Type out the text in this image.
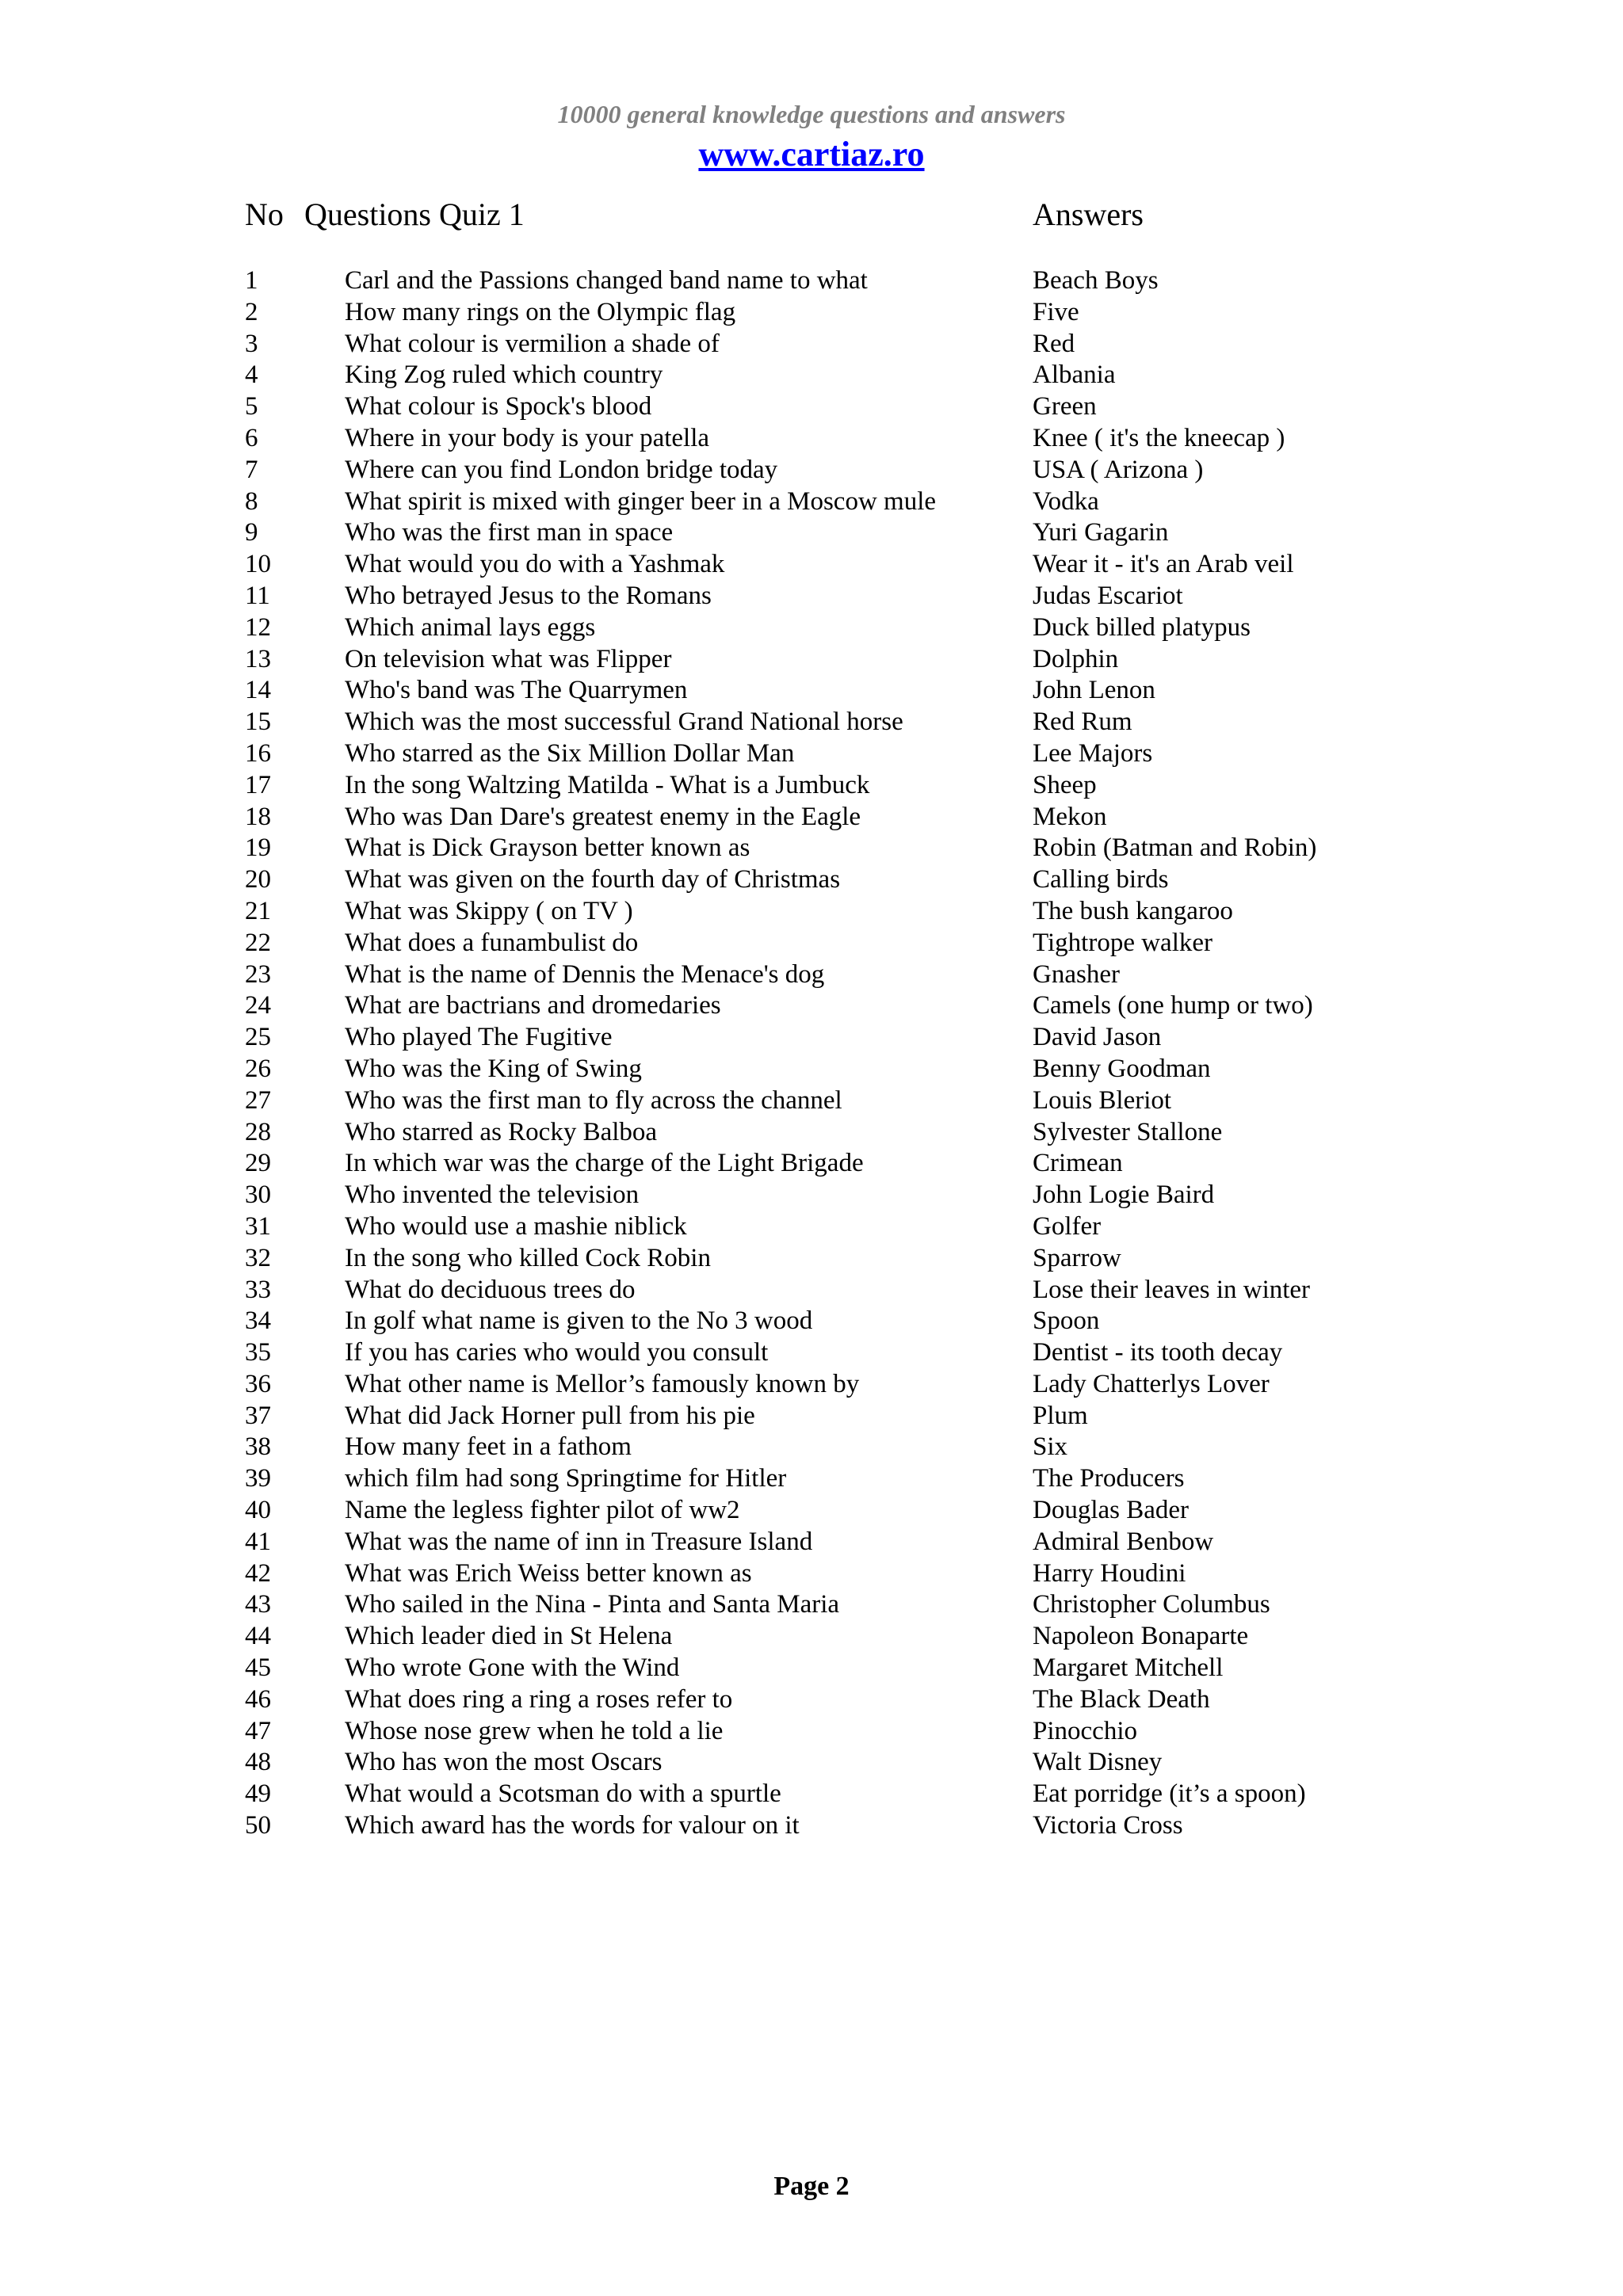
10000 general knowledge questions and answers
www.cartiaz.ro
No Questions Quiz 1	Answers
1	Carl and the Passions changed band name to what	Beach Boys
2	How many rings on the Olympic flag	Five
3	What colour is vermilion a shade of	Red
4	King Zog ruled which country	Albania
5	What colour is Spock's blood	Green
6	Where in your body is your patella	Knee ( it's the kneecap )
7	Where can you find London bridge today	USA ( Arizona )
8	What spirit is mixed with ginger beer in a Moscow mule	Vodka
9	Who was the first man in space	Yuri Gagarin
10	What would you do with a Yashmak	Wear it - it's an Arab veil
11	Who betrayed Jesus to the Romans	Judas Escariot
12	Which animal lays eggs	Duck billed platypus
13	On television what was Flipper	Dolphin
14	Who's band was The Quarrymen	John Lenon
15	Which was the most successful Grand National horse	Red Rum
16	Who starred as the Six Million Dollar Man	Lee Majors
17	In the song Waltzing Matilda - What is a Jumbuck	Sheep
18	Who was Dan Dare's greatest enemy in the Eagle	Mekon
19	What is Dick Grayson better known as	Robin (Batman and Robin)
20	What was given on the fourth day of Christmas	Calling birds
21	What was Skippy ( on TV )	The bush kangaroo
22	What does a funambulist do	Tightrope walker
23	What is the name of Dennis the Menace's dog	Gnasher
24	What are bactrians and dromedaries	Camels (one hump or two)
25	Who played The Fugitive	David Jason
26	Who was the King of Swing	Benny Goodman
27	Who was the first man to fly across the channel	Louis Bleriot
28	Who starred as Rocky Balboa	Sylvester Stallone
29	In which war was the charge of the Light Brigade	Crimean
30	Who invented the television	John Logie Baird
31	Who would use a mashie niblick	Golfer
32	In the song who killed Cock Robin	Sparrow
33	What do deciduous trees do	Lose their leaves in winter
34	In golf what name is given to the No 3 wood	Spoon
35	If you has caries who would you consult	Dentist - its tooth decay
36	What other name is Mellor’s famously known by	Lady Chatterlys Lover
37	What did Jack Horner pull from his pie	Plum
38	How many feet in a fathom	Six
39	which film had song Springtime for Hitler	The Producers
40	Name the legless fighter pilot of ww2	Douglas Bader
41	What was the name of inn in Treasure Island	Admiral Benbow
42	What was Erich Weiss better known as	Harry Houdini
43	Who sailed in the Nina - Pinta and Santa Maria	Christopher Columbus
44	Which leader died in St Helena	Napoleon Bonaparte
45	Who wrote Gone with the Wind	Margaret Mitchell
46	What does ring a ring a roses refer to	The Black Death
47	Whose nose grew when he told a lie	Pinocchio
48	Who has won the most Oscars	Walt Disney
49	What would a Scotsman do with a spurtle	Eat porridge (it’s a spoon)
50	Which award has the words for valour on it	Victoria Cross
Page 2
